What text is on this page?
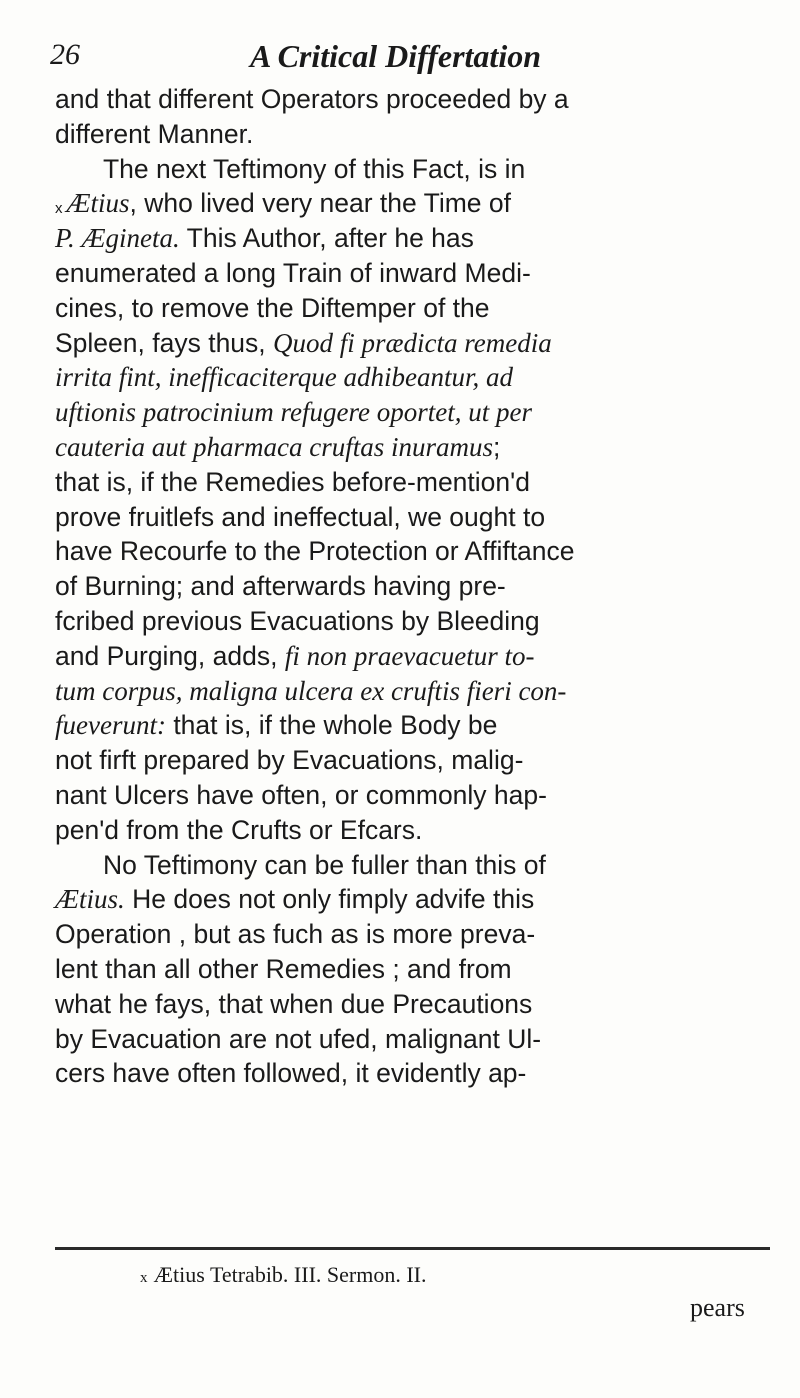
26	A Critical Differtation
and that different Operators proceeded by a
different Manner.
The next Teftimony of this Fact, is in
$^x$ Ætius, who lived very near the Time of
P. Ægineta. This Author, after he has
enumerated a long Train of inward Medi-
cines, to remove the Diftemper of the
Spleen, fays thus, Quod fi prædicta remedia
irrita fint, inefficaciterque adhibeantur, ad
uftionis patrocinium refugere oportet, ut per
cauteria aut pharmaca cruftas inuramus;
that is, if the Remedies before-mention'd
prove fruitlefs and ineffectual, we ought to
have Recourfe to the Protection or Affiftance
of Burning; and afterwards having pre-
fcribed previous Evacuations by Bleeding
and Purging, adds, fi non praevacuetur to-
tum corpus, maligna ulcera ex cruftis fieri con-
fueverunt: that is, if the whole Body be
not firft prepared by Evacuations, malig-
nant Ulcers have often, or commonly hap-
pen'd from the Crufts or Efcars.
No Teftimony can be fuller than this of
Ætius. He does not only fimply advife this
Operation , but as fuch as is more preva-
lent than all other Remedies ; and from
what he fays, that when due Precautions
by Evacuation are not ufed, malignant Ul-
cers have often followed, it evidently ap-
x Ætius Tetrabib. III. Sermon. II.
pears
